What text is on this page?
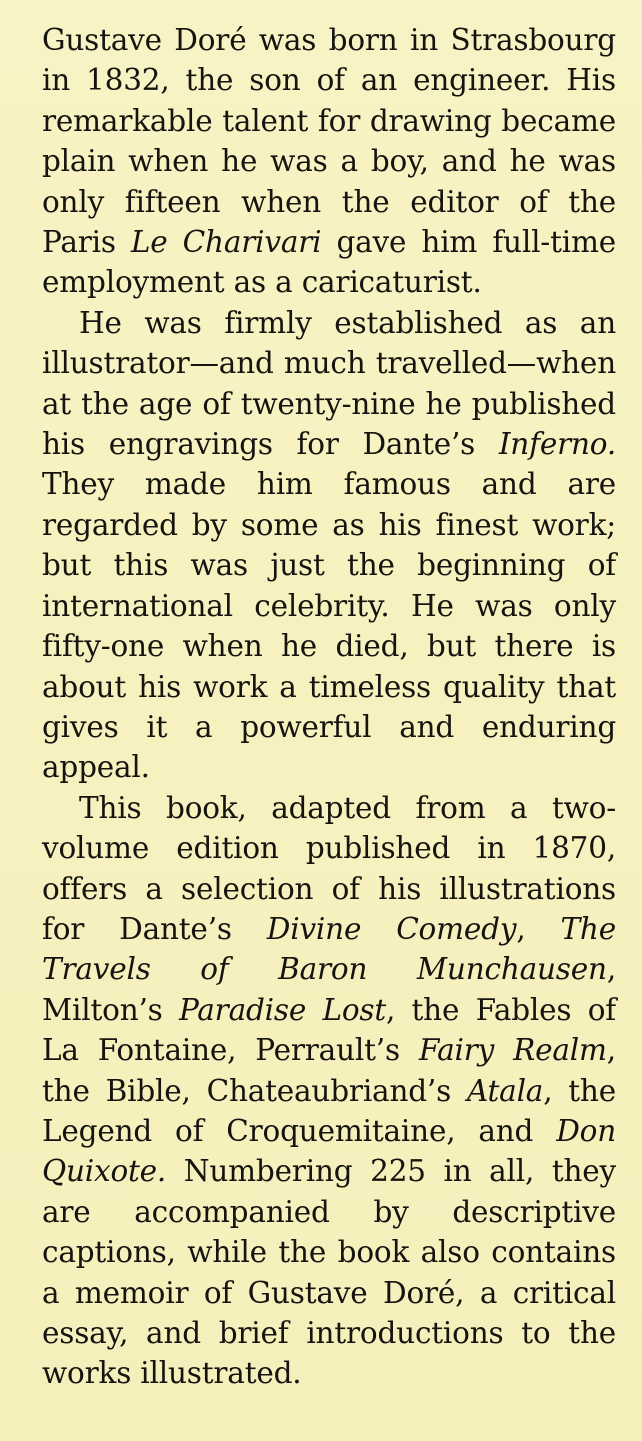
Gustave Doré was born in Strasbourg in 1832, the son of an engineer. His remarkable talent for drawing became plain when he was a boy, and he was only fifteen when the editor of the Paris Le Charivari gave him full-time employment as a caricaturist.

He was firmly established as an illustrator—and much travelled—when at the age of twenty-nine he published his engravings for Dante’s Inferno. They made him famous and are regarded by some as his finest work; but this was just the beginning of international celebrity. He was only fifty-one when he died, but there is about his work a timeless quality that gives it a powerful and enduring appeal.

This book, adapted from a two-volume edition published in 1870, offers a selection of his illustrations for Dante’s Divine Comedy, The Travels of Baron Munchausen, Milton’s Paradise Lost, the Fables of La Fontaine, Perrault’s Fairy Realm, the Bible, Chateaubriand’s Atala, the Legend of Croquemitaine, and Don Quixote. Numbering 225 in all, they are accompanied by descriptive captions, while the book also contains a memoir of Gustave Doré, a critical essay, and brief introductions to the works illustrated.
